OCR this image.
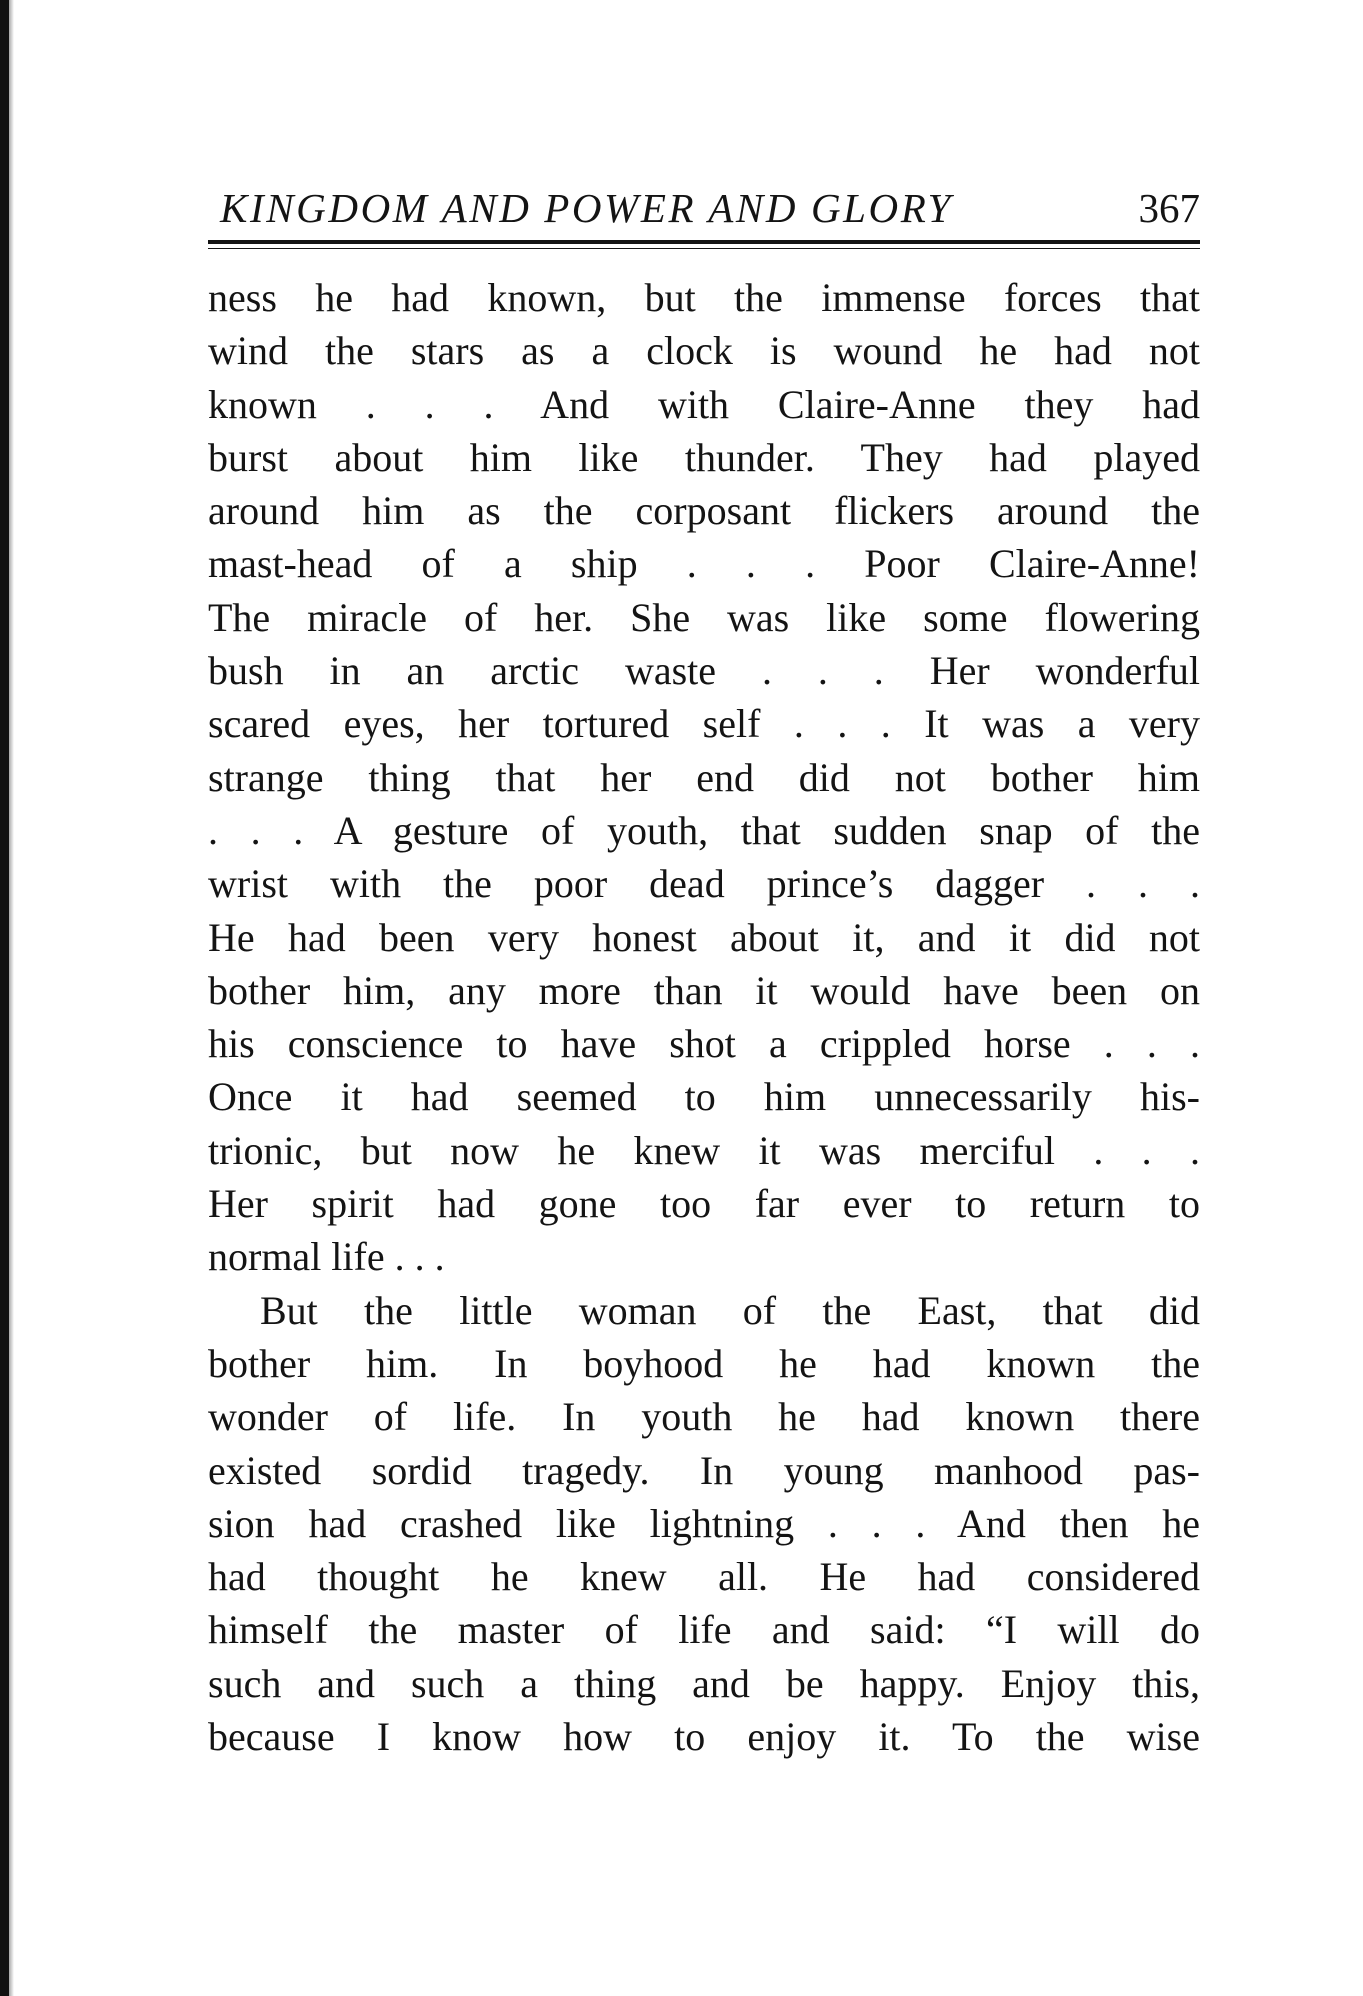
KINGDOM AND POWER AND GLORY	367
ness he had known, but the immense forces that
wind the stars as a clock is wound he had not
known . . . And with Claire-Anne they had
burst about him like thunder. They had played
around him as the corposant flickers around the
mast-head of a ship . . . Poor Claire-Anne!
The miracle of her. She was like some flowering
bush in an arctic waste . . . Her wonderful
scared eyes, her tortured self . . . It was a very
strange thing that her end did not bother him
. . . A gesture of youth, that sudden snap of the
wrist with the poor dead prince’s dagger . . .
He had been very honest about it, and it did not
bother him, any more than it would have been on
his conscience to have shot a crippled horse . . .
Once it had seemed to him unnecessarily his-
trionic, but now he knew it was merciful . . .
Her spirit had gone too far ever to return to
normal life . . .
But the little woman of the East, that did
bother him. In boyhood he had known the
wonder of life. In youth he had known there
existed sordid tragedy. In young manhood pas-
sion had crashed like lightning . . . And then he
had thought he knew all. He had considered
himself the master of life and said: “I will do
such and such a thing and be happy. Enjoy this,
because I know how to enjoy it. To the wise
